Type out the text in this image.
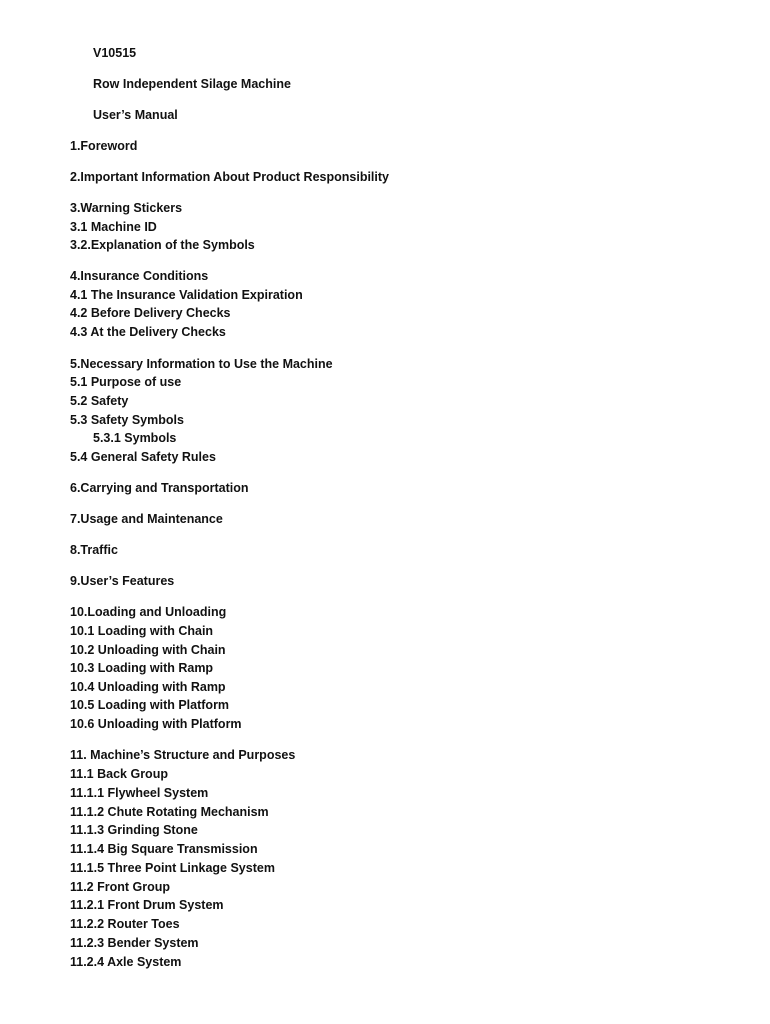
V10515
Row Independent Silage Machine
User’s Manual
1.Foreword
2.Important Information About Product Responsibility
3.Warning Stickers
3.1 Machine ID
3.2.Explanation of the Symbols
4.Insurance Conditions
4.1 The Insurance Validation Expiration
4.2 Before Delivery Checks
4.3 At the Delivery Checks
5.Necessary Information to Use the Machine
5.1 Purpose of use
5.2 Safety
5.3 Safety Symbols
5.3.1 Symbols
5.4 General Safety Rules
6.Carrying and Transportation
7.Usage and Maintenance
8.Traffic
9.User’s Features
10.Loading and Unloading
10.1 Loading with Chain
10.2 Unloading with Chain
10.3 Loading with Ramp
10.4 Unloading with Ramp
10.5 Loading with Platform
10.6 Unloading with Platform
11. Machine’s Structure and Purposes
11.1 Back Group
11.1.1 Flywheel System
11.1.2 Chute Rotating Mechanism
11.1.3 Grinding Stone
11.1.4 Big Square Transmission
11.1.5 Three Point Linkage System
11.2 Front Group
11.2.1 Front Drum System
11.2.2 Router Toes
11.2.3 Bender System
11.2.4 Axle System
